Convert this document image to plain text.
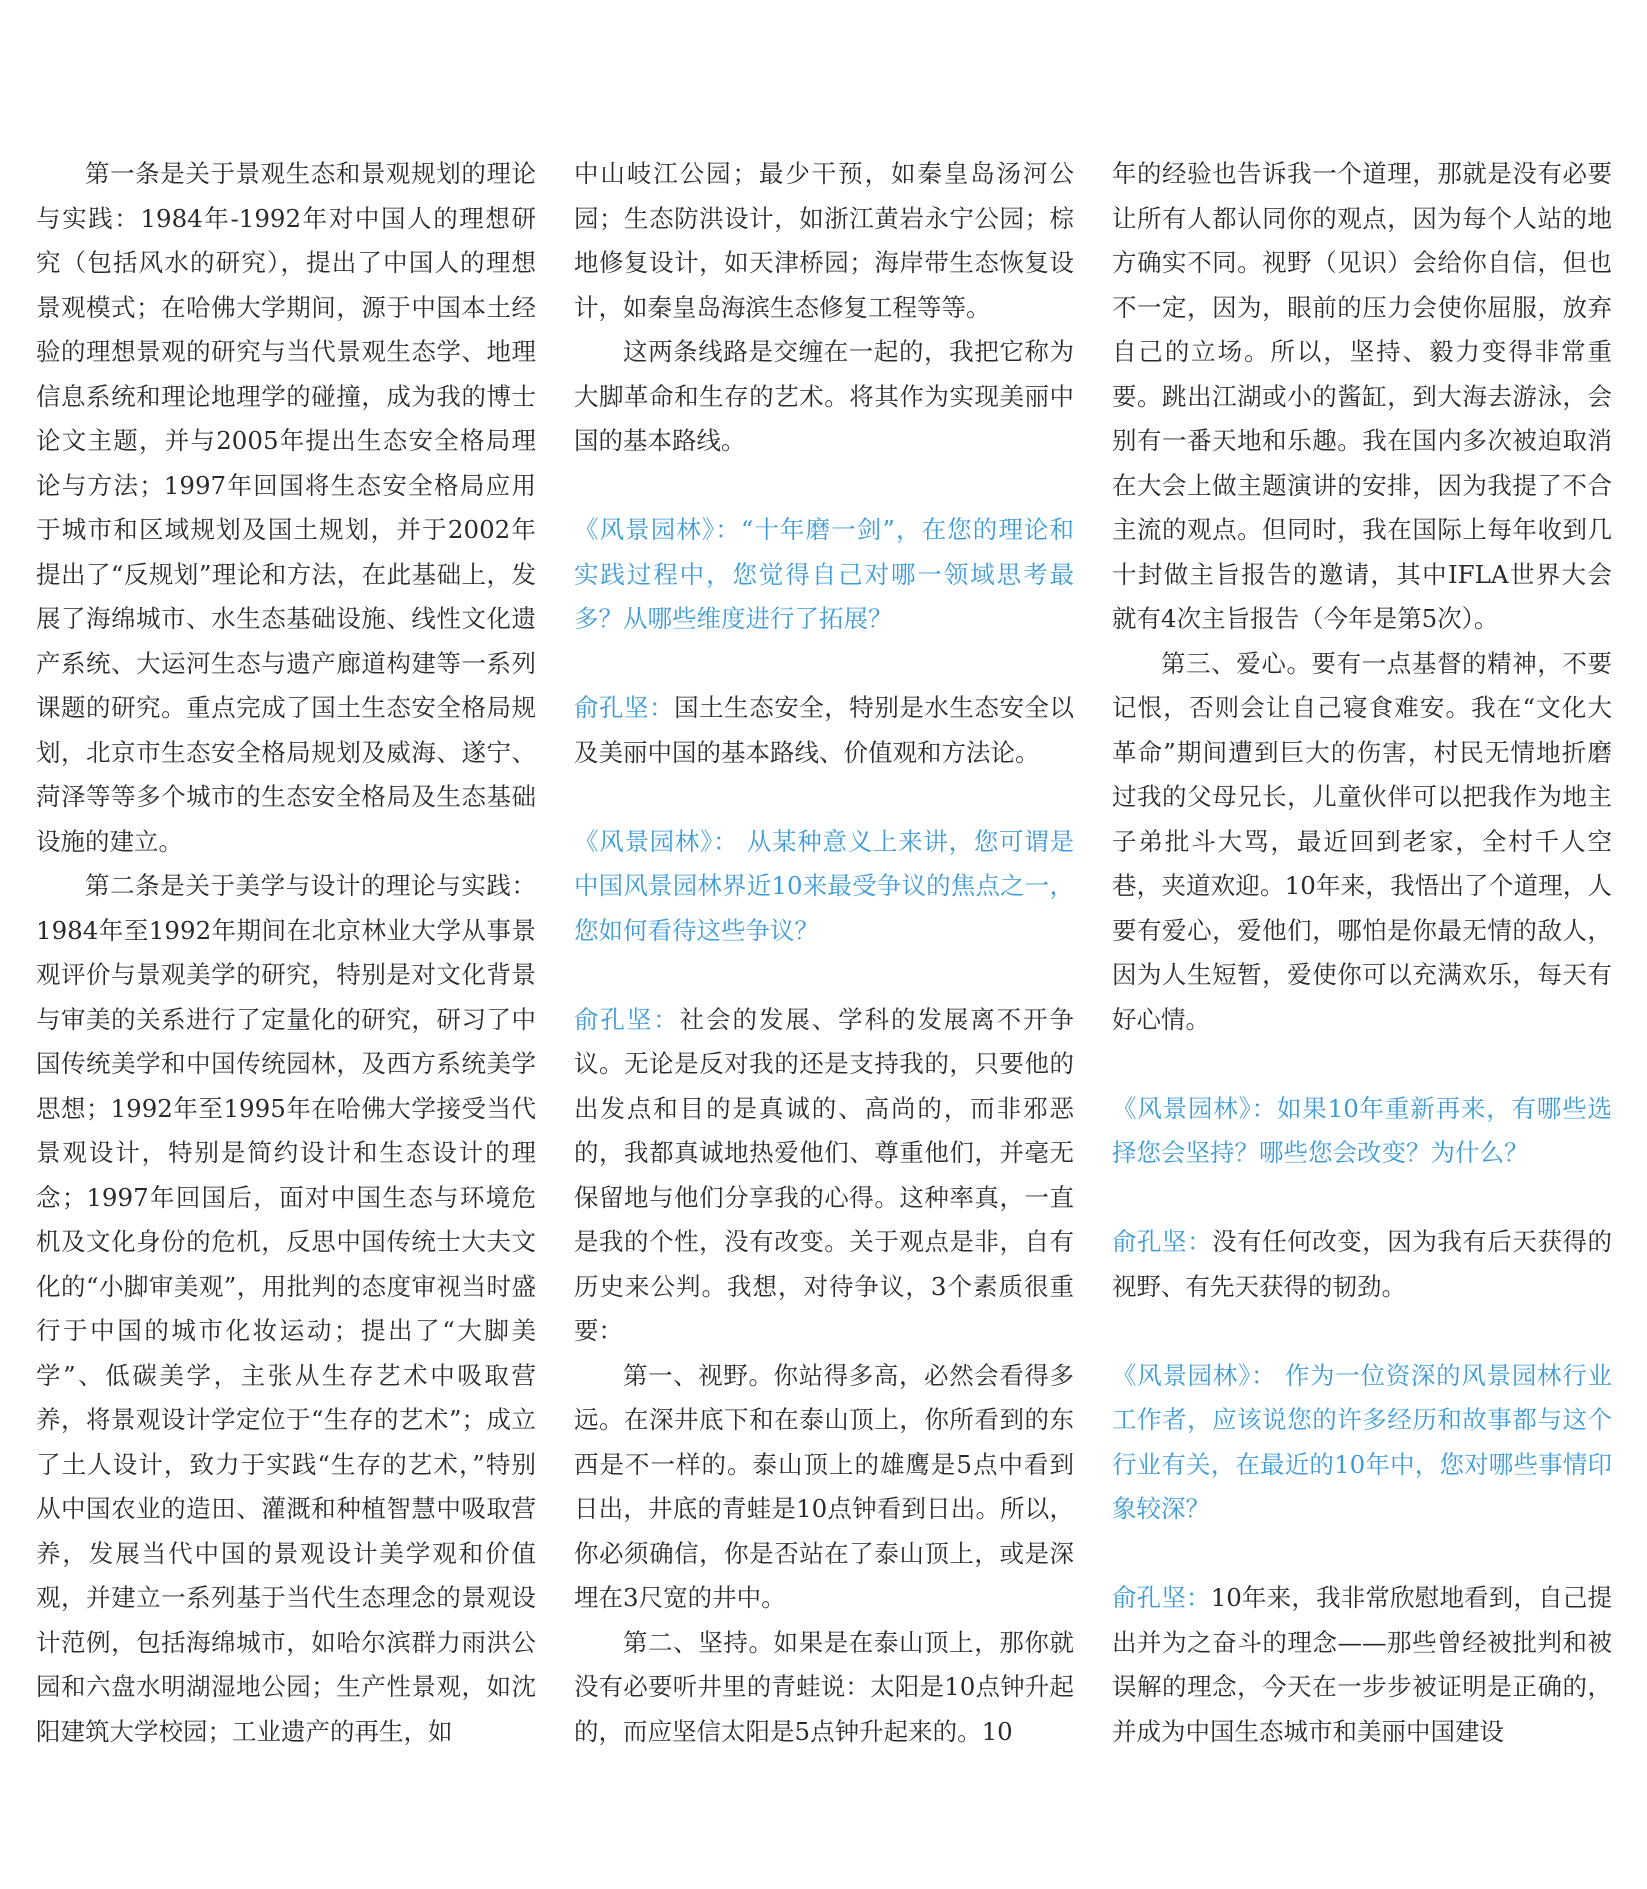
第一条是关于景观生态和景观规划的理论与实践：1984年-1992年对中国人的理想研究（包括风水的研究），提出了中国人的理想景观模式；在哈佛大学期间，源于中国本土经验的理想景观的研究与当代景观生态学、地理信息系统和理论地理学的碰撞，成为我的博士论文主题，并与2005年提出生态安全格局理论与方法；1997年回国将生态安全格局应用于城市和区域规划及国土规划，并于2002年提出了“反规划”理论和方法，在此基础上，发展了海绵城市、水生态基础设施、线性文化遗产系统、大运河生态与遗产廊道构建等一系列课题的研究。重点完成了国土生态安全格局规划，北京市生态安全格局规划及威海、遂宁、菏泽等等多个城市的生态安全格局及生态基础设施的建立。

第二条是关于美学与设计的理论与实践：1984年至1992年期间在北京林业大学从事景观评价与景观美学的研究，特别是对文化背景与审美的关系进行了定量化的研究，研习了中国传统美学和中国传统园林，及西方系统美学思想；1992年至1995年在哈佛大学接受当代景观设计，特别是简约设计和生态设计的理念；1997年回国后，面对中国生态与环境危机及文化身份的危机，反思中国传统士大夫文化的“小脚审美观”，用批判的态度审视当时盛行于中国的城市化妆运动；提出了“大脚美学”、低碳美学，主张从生存艺术中吸取营养，将景观设计学定位于“生存的艺术”；成立了土人设计，致力于实践“生存的艺术，”特别从中国农业的造田、灌溉和种植智慧中吸取营养，发展当代中国的景观设计美学观和价值观，并建立一系列基于当代生态理念的景观设计范例，包括海绵城市，如哈尔滨群力雨洪公园和六盘水明湖湿地公园；生产性景观，如沈阳建筑大学校园；工业遗产的再生，如

中山岐江公园；最少干预，如秦皇岛汤河公园；生态防洪设计，如浙江黄岩永宁公园；棕地修复设计，如天津桥园；海岸带生态恢复设计，如秦皇岛海滨生态修复工程等等。

这两条线路是交缠在一起的，我把它称为大脚革命和生存的艺术。将其作为实现美丽中国的基本路线。

《风景园林》：“十年磨一剑”，在您的理论和实践过程中，您觉得自己对哪一领域思考最多？从哪些维度进行了拓展？

俞孔坚：国土生态安全，特别是水生态安全以及美丽中国的基本路线、价值观和方法论。

《风景园林》： 从某种意义上来讲，您可谓是中国风景园林界近10来最受争议的焦点之一，您如何看待这些争议？

俞孔坚：社会的发展、学科的发展离不开争议。无论是反对我的还是支持我的，只要他的出发点和目的是真诚的、高尚的，而非邪恶的，我都真诚地热爱他们、尊重他们，并毫无保留地与他们分享我的心得。这种率真，一直是我的个性，没有改变。关于观点是非，自有历史来公判。我想，对待争议，3个素质很重要：

第一、视野。你站得多高，必然会看得多远。在深井底下和在泰山顶上，你所看到的东西是不一样的。泰山顶上的雄鹰是5点中看到日出，井底的青蛙是10点钟看到日出。所以，你必须确信，你是否站在了泰山顶上，或是深埋在3尺宽的井中。

第二、坚持。如果是在泰山顶上，那你就没有必要听井里的青蛙说：太阳是10点钟升起的，而应坚信太阳是5点钟升起来的。10

年的经验也告诉我一个道理，那就是没有必要让所有人都认同你的观点，因为每个人站的地方确实不同。视野（见识）会给你自信，但也不一定，因为，眼前的压力会使你屈服，放弃自己的立场。所以，坚持、毅力变得非常重要。跳出江湖或小的酱缸，到大海去游泳，会别有一番天地和乐趣。我在国内多次被迫取消在大会上做主题演讲的安排，因为我提了不合主流的观点。但同时，我在国际上每年收到几十封做主旨报告的邀请，其中IFLA世界大会就有4次主旨报告（今年是第5次）。

第三、爱心。要有一点基督的精神，不要记恨，否则会让自己寝食难安。我在“文化大革命”期间遭到巨大的伤害，村民无情地折磨过我的父母兄长，儿童伙伴可以把我作为地主子弟批斗大骂，最近回到老家，全村千人空巷，夹道欢迎。10年来，我悟出了个道理，人要有爱心，爱他们，哪怕是你最无情的敌人，因为人生短暂，爱使你可以充满欢乐，每天有好心情。

《风景园林》：如果10年重新再来，有哪些选择您会坚持？哪些您会改变？为什么？

俞孔坚：没有任何改变，因为我有后天获得的视野、有先天获得的韧劲。

《风景园林》： 作为一位资深的风景园林行业工作者，应该说您的许多经历和故事都与这个行业有关，在最近的10年中，您对哪些事情印象较深？

俞孔坚：10年来，我非常欣慰地看到，自己提出并为之奋斗的理念——那些曾经被批判和被误解的理念，今天在一步步被证明是正确的，并成为中国生态城市和美丽中国建设
